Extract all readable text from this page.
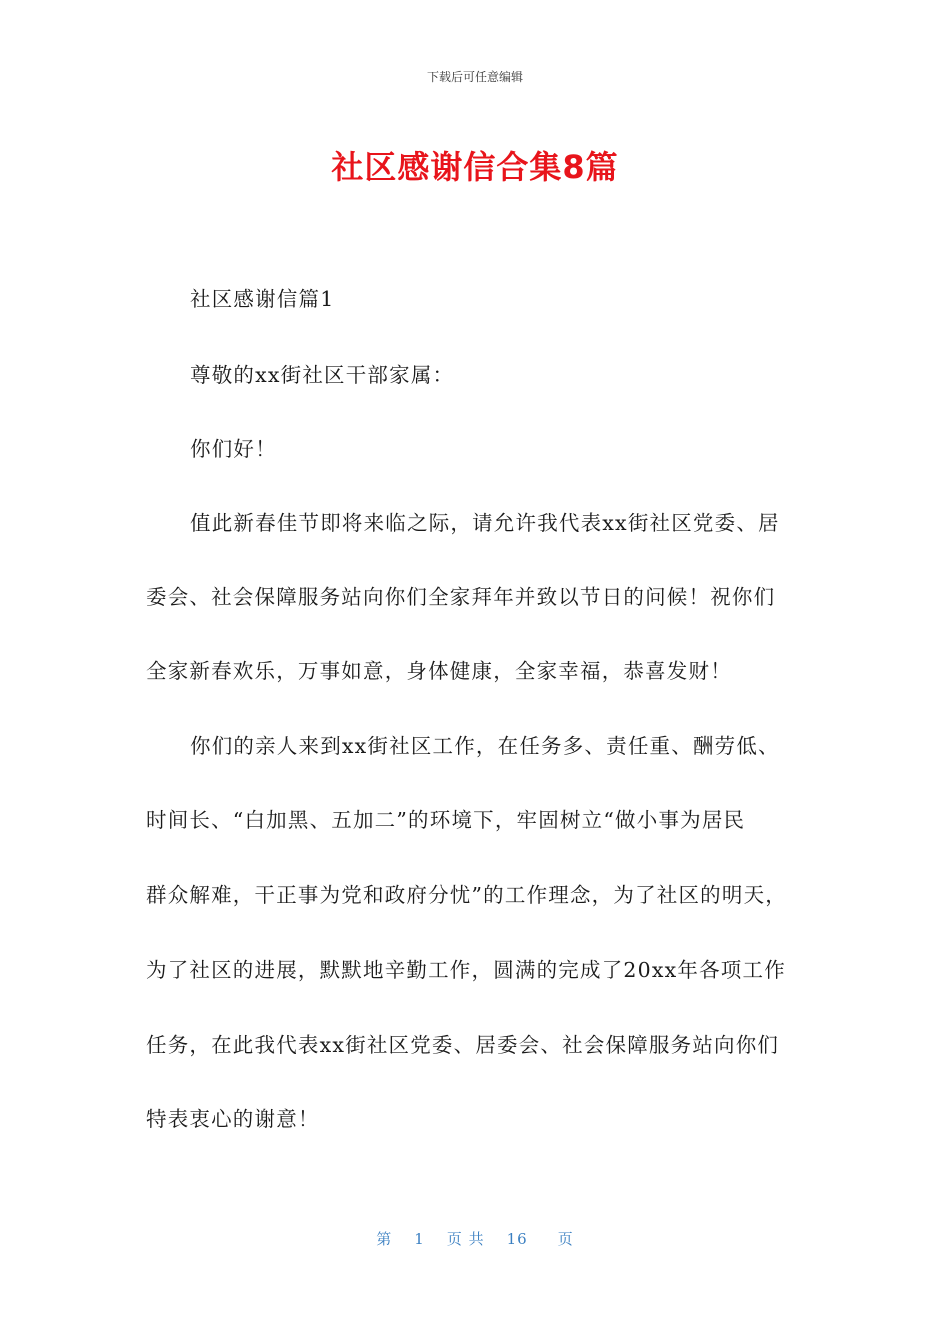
下载后可任意编辑
社区感谢信合集8篇
社区感谢信篇1
尊敬的xx街社区干部家属：
你们好！
值此新春佳节即将来临之际，请允许我代表xx街社区党委、居
委会、社会保障服务站向你们全家拜年并致以节日的问候！祝你们
全家新春欢乐，万事如意，身体健康，全家幸福，恭喜发财！
你们的亲人来到xx街社区工作，在任务多、责任重、酬劳低、
时间长、“白加黑、五加二”的环境下，牢固树立“做小事为居民
群众解难，干正事为党和政府分忧”的工作理念，为了社区的明天，
为了社区的进展，默默地辛勤工作，圆满的完成了20xx年各项工作
任务，在此我代表xx街社区党委、居委会、社会保障服务站向你们
特表衷心的谢意！
第 1 页 共 16 页
